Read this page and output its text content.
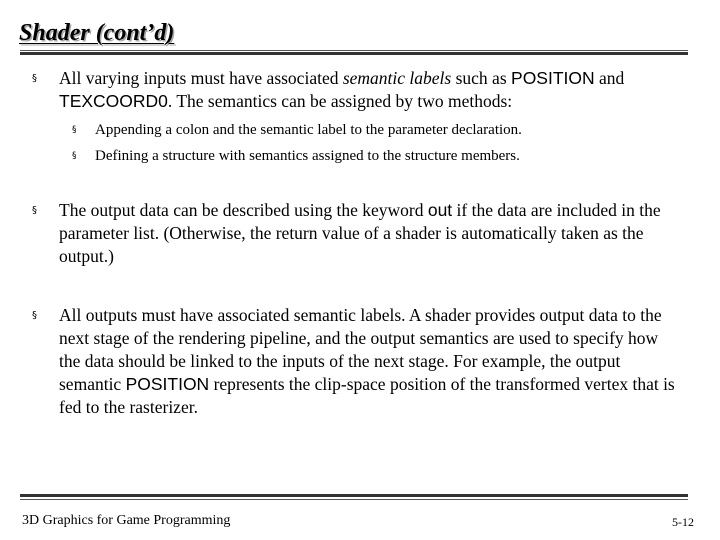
Shader (cont’d)
§ All varying inputs must have associated semantic labels such as POSITION and TEXCOORD0. The semantics can be assigned by two methods:
§ Appending a colon and the semantic label to the parameter declaration.
§ Defining a structure with semantics assigned to the structure members.
§ The output data can be described using the keyword out if the data are included in the parameter list. (Otherwise, the return value of a shader is automatically taken as the output.)
§ All outputs must have associated semantic labels. A shader provides output data to the next stage of the rendering pipeline, and the output semantics are used to specify how the data should be linked to the inputs of the next stage. For example, the output semantic POSITION represents the clip-space position of the transformed vertex that is fed to the rasterizer.
3D Graphics for Game Programming	5-12
